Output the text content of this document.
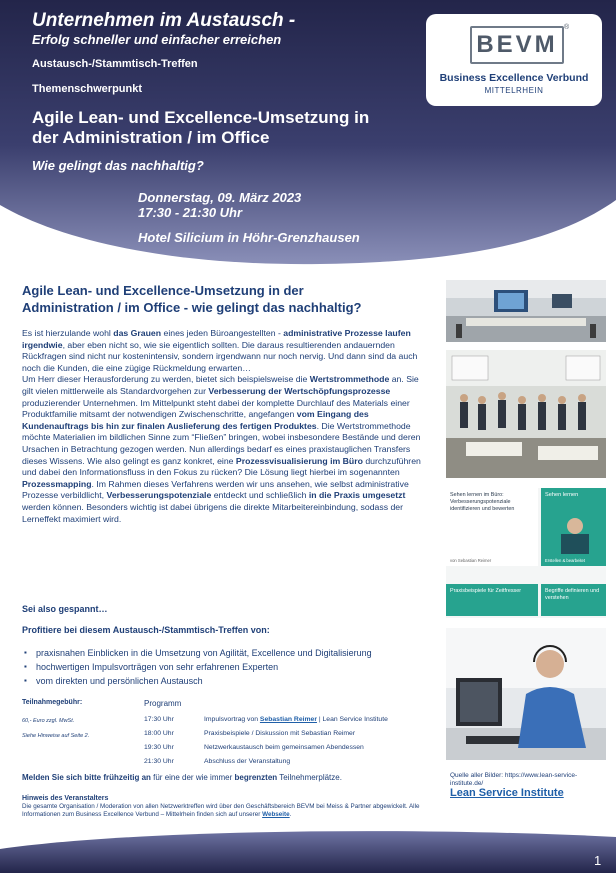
Unternehmen im Austausch -
Erfolg schneller und einfacher erreichen
Austausch-/Stammtisch-Treffen
Themenschwerpunkt
Agile Lean- und Excellence-Umsetzung in
der Administration / im Office
Wie gelingt das nachhaltig?
Donnerstag, 09. März 2023
17:30 - 21:30 Uhr
Hotel Silicium in Höhr-Grenzhausen
BEVM
®
Business Excellence Verbund
MITTELRHEIN
Agile Lean- und Excellence-Umsetzung in der
Administration / im Office - wie gelingt das nachhaltig?
Es ist hierzulande wohl das Grauen eines jeden Büroangestellten - administrative Prozesse laufen irgendwie, aber eben nicht so, wie sie eigentlich sollten. Die daraus resultierenden andauernden Rückfragen sind nicht nur kostenintensiv, sondern irgendwann nur noch nervig. Und dann sind da auch noch die Kunden, die eine zügige Rückmeldung erwarten…
Um Herr dieser Herausforderung zu werden, bietet sich beispielsweise die Wertstrommethode an. Sie gilt vielen mittlerweile als Standardvorgehen zur Verbesserung der Wertschöpfungsprozesse produzierender Unternehmen. Im Mittelpunkt steht dabei der komplette Durchlauf des Materials einer Produktfamilie mitsamt der notwendigen Zwischenschritte, angefangen vom Eingang des Kundenauftrags bis hin zur finalen Auslieferung des fertigen Produktes. Die Wertstrommethode möchte Materialien im bildlichen Sinne zum “Fließen” bringen, wobei insbesondere Bestände und deren Ursachen in Betrachtung gezogen werden. Nun allerdings bedarf es eines praxistauglichen Transfers dieses Wissens. Wie also gelingt es ganz konkret, eine Prozessvisualisierung im Büro durchzuführen und dabei den Informationsfluss in den Fokus zu rücken? Die Lösung liegt hierbei im sogenannten Prozessmapping. Im Rahmen dieses Verfahrens werden wir uns ansehen, wie selbst administrative Prozesse verbildlicht, Verbesserungspotenziale entdeckt und schließlich in die Praxis umgesetzt werden können. Besonders wichtig ist dabei übrigens die direkte Mitarbeitereinbindung, sodass der Lerneffekt maximiert wird.
Sei also gespannt…
Profitiere bei diesem Austausch-/Stammtisch-Treffen von:
▪ praxisnahen Einblicken in die Umsetzung von Agilität, Excellence und Digitalisierung
▪ hochwertigen Impulsvorträgen von sehr erfahrenen Experten
▪ vom direkten und persönlichen Austausch
Teilnahmegebühr:
60,- Euro zzgl. MwSt.
Siehe Hinweise auf Seite 2.
Programm
17:30 Uhr	Impulsvortrag von Sebastian Reimer | Lean Service Institute
18:00 Uhr	Praxisbeispiele / Diskussion mit Sebastian Reimer
19:30 Uhr	Netzwerkaustausch beim gemeinsamen Abendessen
21:30 Uhr	Abschluss der Veranstaltung
Melden Sie sich bitte frühzeitig an für eine der wie immer begrenzten Teilnehmerplätze.
Hinweis des Veranstalters
Die gesamte Organisation / Moderation von allen Netzwerktreffen wird über den Geschäftsbereich BEVM bei Meiss & Partner abgewickelt. Alle Informationen zum Business Excellence Verbund – Mittelrhein finden sich auf unserer Webseite.
Sehen lernen im Büro: Verbesserungspotenziale identifizieren und bewerten
von Sebastian Reimer
Sehen lernen
Erstellen & bearbeitet
Praxisbeispiele für Zeitfresser	Begriffe definieren und verstehen
Quelle aller Bilder: https://www.lean-service-institute.de/
Lean Service Institute
1
